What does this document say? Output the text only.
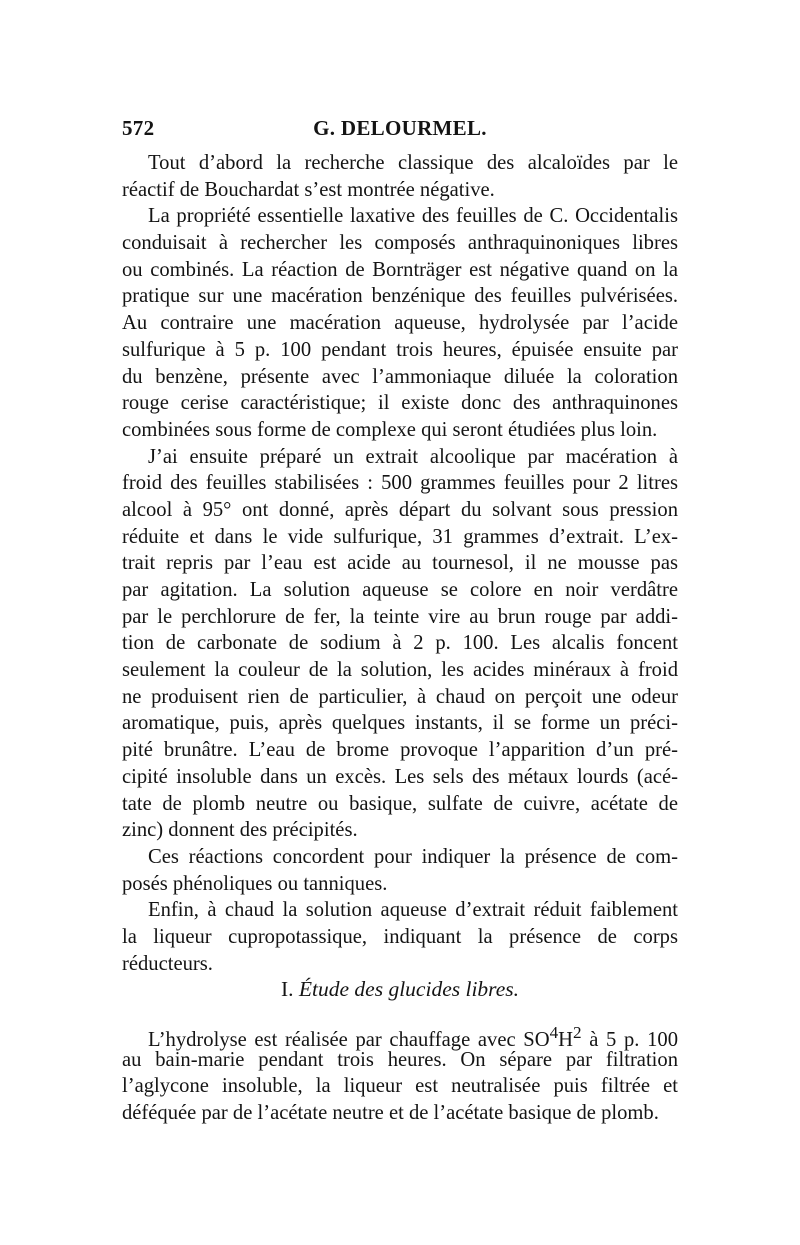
572	G. DELOURMEL.
Tout d’abord la recherche classique des alcaloïdes par le
réactif de Bouchardat s’est montrée négative.
La propriété essentielle laxative des feuilles de C. Occidentalis
conduisait à rechercher les composés anthraquinoniques libres
ou combinés. La réaction de Bornträger est négative quand on la
pratique sur une macération benzénique des feuilles pulvérisées.
Au contraire une macération aqueuse, hydrolysée par l’acide
sulfurique à 5 p. 100 pendant trois heures, épuisée ensuite par
du benzène, présente avec l’ammoniaque diluée la coloration
rouge cerise caractéristique; il existe donc des anthraquinones
combinées sous forme de complexe qui seront étudiées plus loin.
J’ai ensuite préparé un extrait alcoolique par macération à
froid des feuilles stabilisées : 500 grammes feuilles pour 2 litres
alcool à 95° ont donné, après départ du solvant sous pression
réduite et dans le vide sulfurique, 31 grammes d’extrait. L’ex-
trait repris par l’eau est acide au tournesol, il ne mousse pas
par agitation. La solution aqueuse se colore en noir verdâtre
par le perchlorure de fer, la teinte vire au brun rouge par addi-
tion de carbonate de sodium à 2 p. 100. Les alcalis foncent
seulement la couleur de la solution, les acides minéraux à froid
ne produisent rien de particulier, à chaud on perçoit une odeur
aromatique, puis, après quelques instants, il se forme un préci-
pité brunâtre. L’eau de brome provoque l’apparition d’un pré-
cipité insoluble dans un excès. Les sels des métaux lourds (acé-
tate de plomb neutre ou basique, sulfate de cuivre, acétate de
zinc) donnent des précipités.
Ces réactions concordent pour indiquer la présence de com-
posés phénoliques ou tanniques.
Enfin, à chaud la solution aqueuse d’extrait réduit faiblement
la liqueur cupropotassique, indiquant la présence de corps
réducteurs.
I. Étude des glucides libres.
L’hydrolyse est réalisée par chauffage avec $SO^4H^2$ à 5 p. 100
au bain-marie pendant trois heures. On sépare par filtration
l’aglycone insoluble, la liqueur est neutralisée puis filtrée et
déféquée par de l’acétate neutre et de l’acétate basique de plomb.
